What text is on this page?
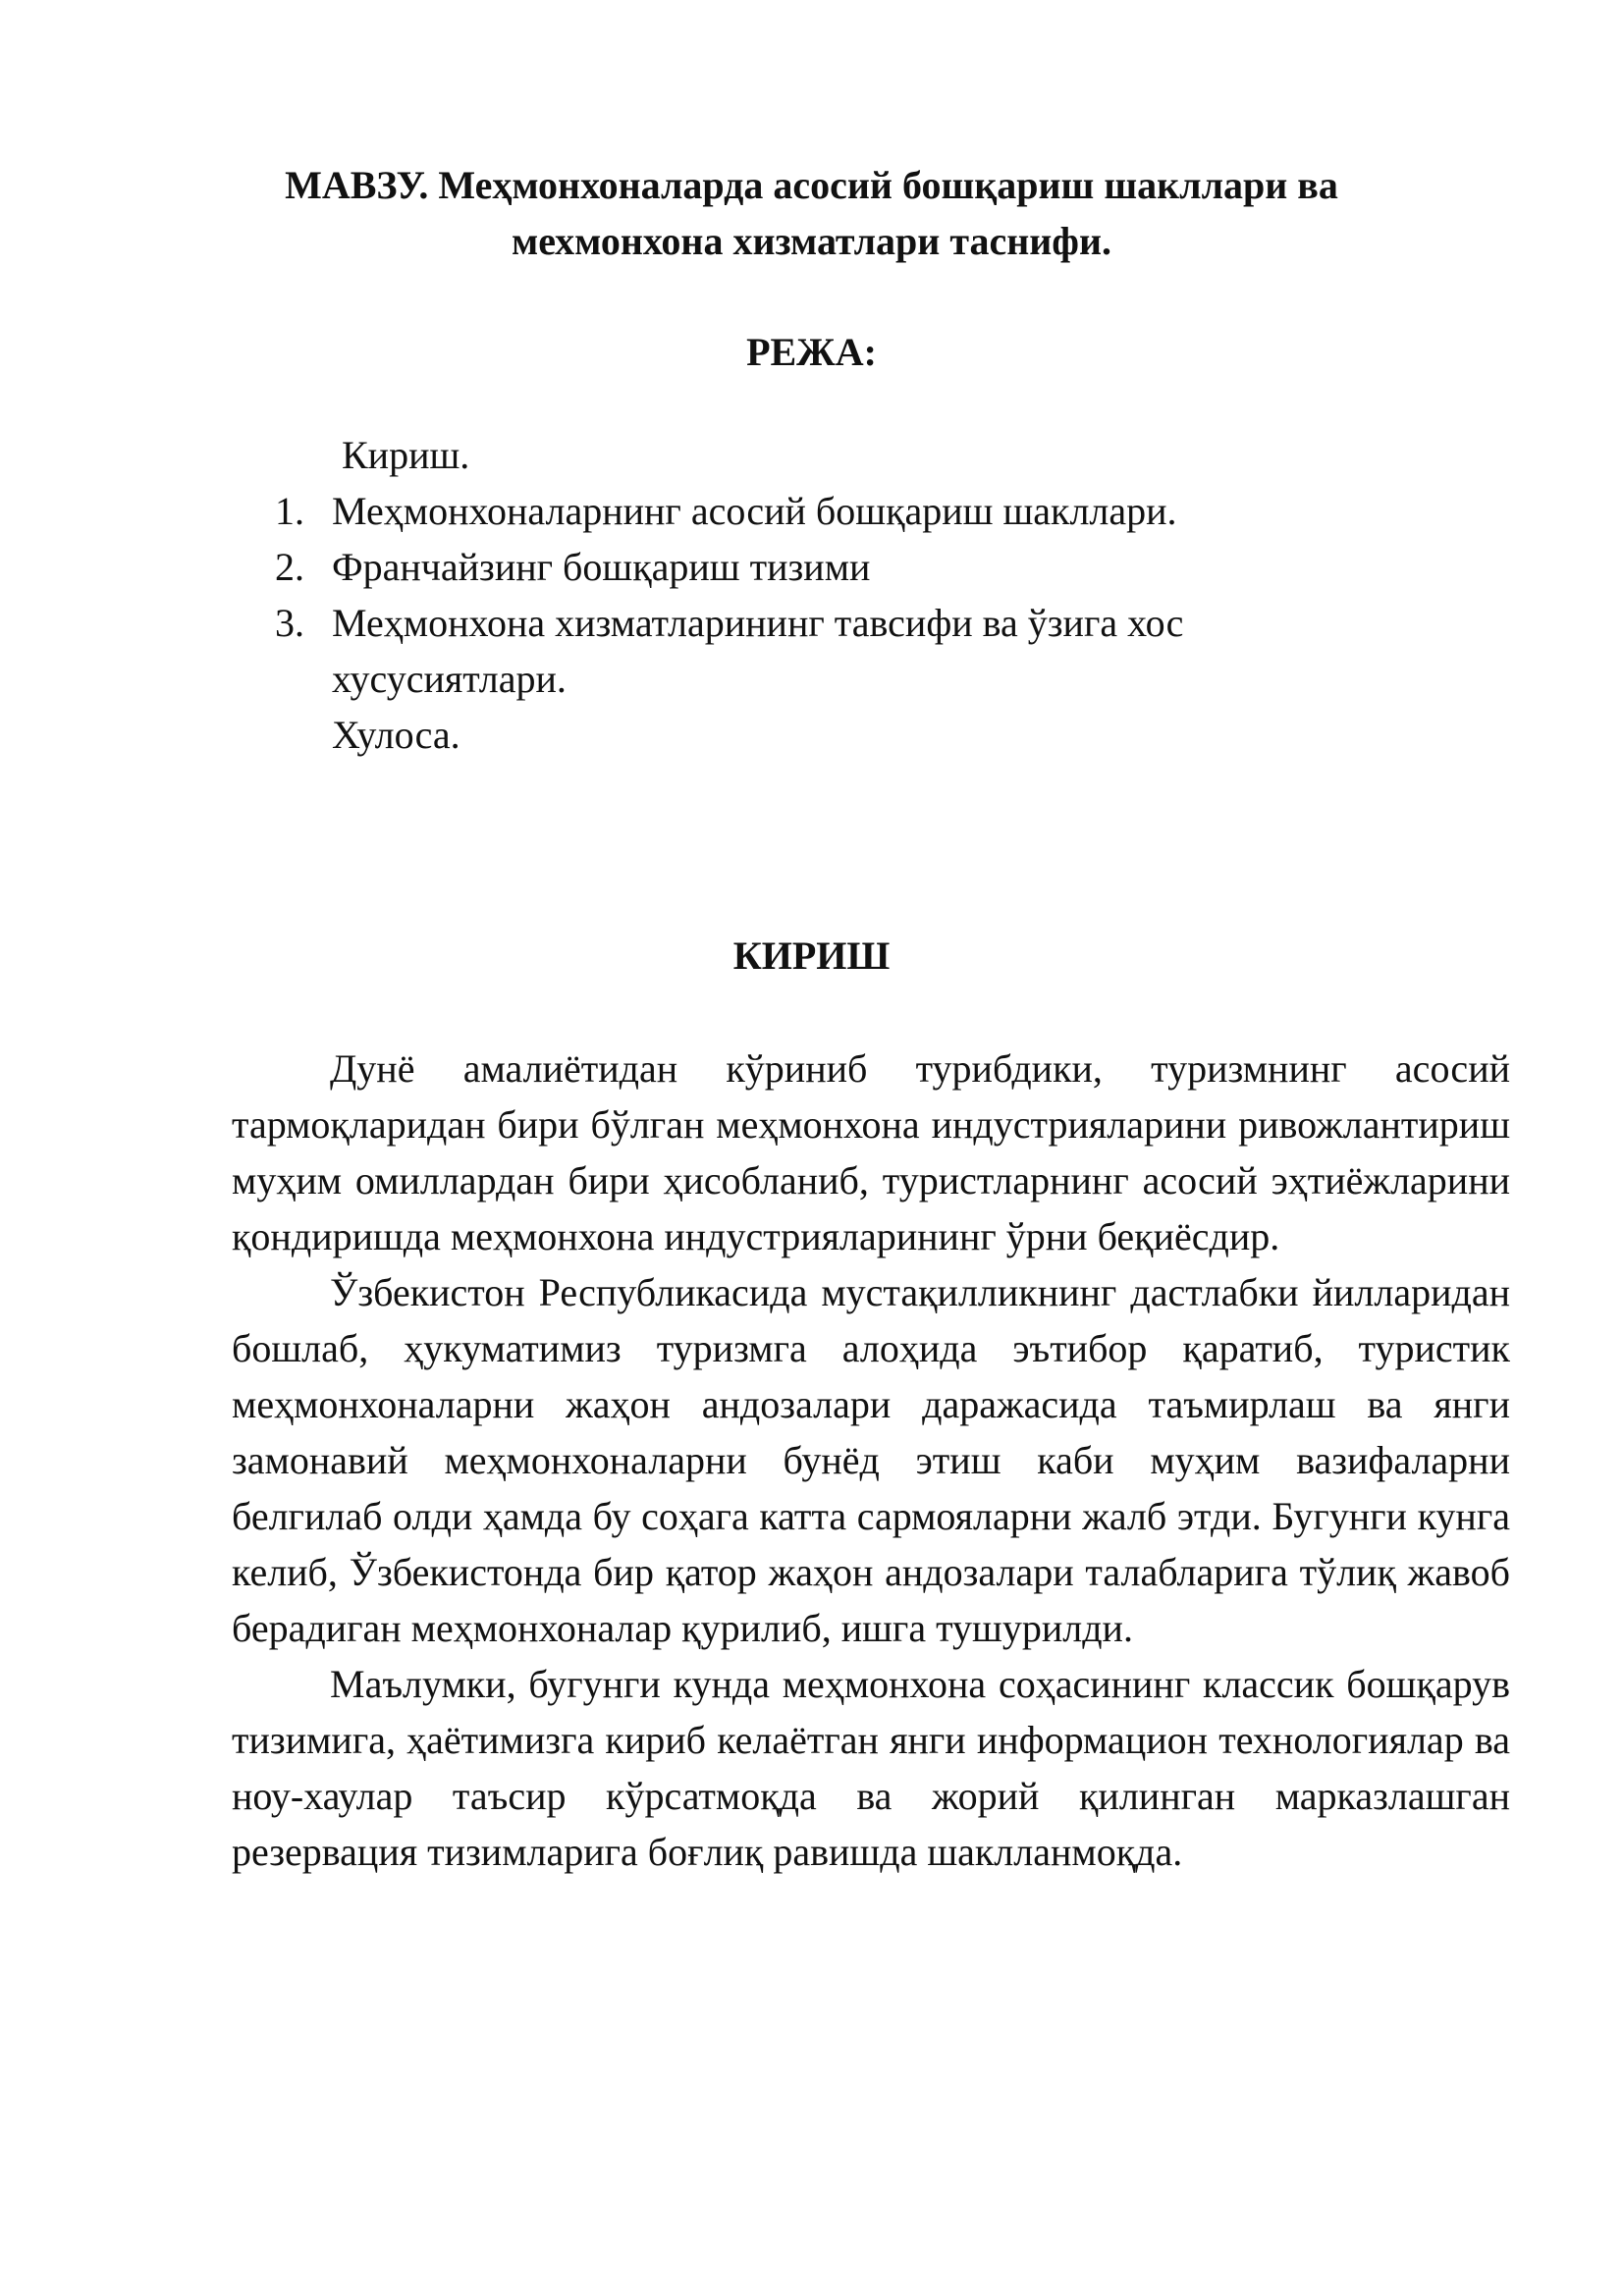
МАВЗУ. Меҳмонхоналарда асосий бошқариш шакллари ва
мехмонхона хизматлари таснифи.
РЕЖА:

Кириш.

1. Меҳмонхоналарнинг асосий бошқариш шакллари.

2. Франчайзинг бошқариш тизими

3. Меҳмонхона хизматларининг тавсифи ва ўзига хос хусусиятлари.

Хулоса.

КИРИШ

Дунё амалиётидан кўриниб турибдики, туризмнинг асосий тармоқларидан бири бўлган меҳмонхона индустрияларини ривожлантириш муҳим омиллардан бири ҳисобланиб, туристларнинг асосий эҳтиёжларини қондиришда меҳмонхона индустрияларининг ўрни беқиёсдир.

Ўзбекистон Республикасида мустақилликнинг дастлабки йилларидан бошлаб, ҳукуматимиз туризмга алоҳида эътибор қаратиб, туристик меҳмонхоналарни жаҳон андозалари даражасида таъмирлаш ва янги замонавий меҳмонхоналарни бунёд этиш каби муҳим вазифаларни белгилаб олди ҳамда бу соҳага катта сармояларни жалб этди. Бугунги кунга келиб, Ўзбекистонда бир қатор жаҳон андозалари талабларига тўлиқ жавоб берадиган меҳмонхоналар қурилиб, ишга тушурилди.

Маълумки, бугунги кунда меҳмонхона соҳасининг классик бошқарув тизимига, ҳаётимизга кириб келаётган янги информацион технологиялар ва ноу-хаулар таъсир кўрсатмоқда ва жорий қилинган марказлашган резервация тизимларига боғлиқ равишда шаклланмоқда.
